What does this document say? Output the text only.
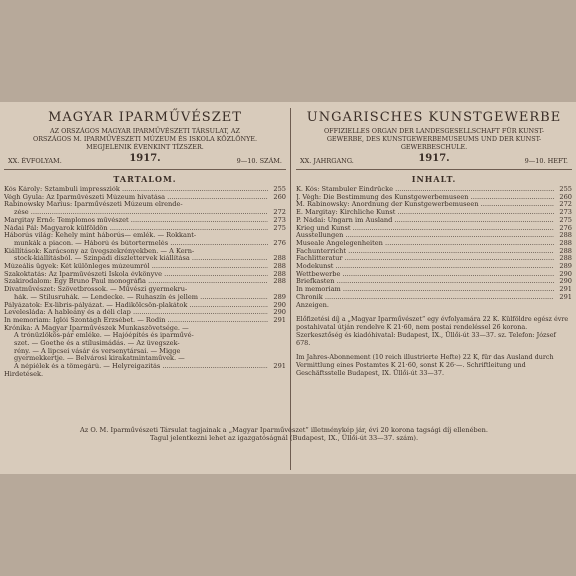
MAGYAR IPARMŰVÉSZET
AZ ORSZÁGOS MAGYAR IPARMŰVÉSZETI TÁRSULAT, AZ
ORSZÁGOS M. IPARMŰVÉSZETI MÚZEUM ÉS ISKOLA KÖZLÖNYE.
MEGJELENIK ÉVENKINT TÍZSZER.
XX. ÉVFOLYAM.	1917.	9—10. SZÁM.
TARTALOM.
Kós Károly: Sztambuli impressziók .....	255
Végh Gyula: Az Iparművészeti Múzeum hivatása .....	260
Rabinowsky Marius: Iparművészeti Múzeum elrende-
zése .....	272
Margitay Ernő: Templomos művészet .....	273
Nádai Pál: Magyarok külföldön .....	275
Háborús világ: Kehely mint háborús— emlék. — Rokkant-
munkák a piacon. — Háború és bútortermelés .....	276
Kiállítások: Karácsony az üvegszekrényekben. — A Kern-
stock-kiállításból. — Szinpadi díszlettervek kiállítása .....	288
Múzeális ügyek: Két különleges múzeumról .....	288
Szakoktatás: Az Iparművészeti Iskola évkönyve .....	288
Szakirodalom: Egy Bruno Paul monográfia .....	288
Divatművészet: Szövetbrossok. — Művészi gyermekru-
hák. — Stilusruhák. — Lendecke. — Ruhaszín és jellem .....	289
Pályázatok: Ex-libris-pályázat. — Hadikölcsön-plakátok .....	290
Levelesláda: A hableány és a déli clap .....	290
In memoriam: Iglói Szontágh Erzsébet. — Rodin .....	291
Krónika: A Magyar Iparművészek Munkaszövetsége. —
A trónüzlökös-pár emléke. — Hajóépítés és iparművé-
szet. — Goethe és a stílusimádás. — Az üvegszek-
rény. — A lipcsei vásár és versenytársai. — Migge
gyermekkertje. — Belvárosi kirakatmintaművek. —
A népiélek és a tömegárú. — Helyreigazitás .....	291
Hirdetések.
UNGARISCHES KUNSTGEWERBE
OFFIZIELLES ORGAN DER LANDESGESELLSCHAFT FÜR KUNST-
GEWERBE, DES KUNSTGEWERBEMUSEUMS UND DER KUNST-
GEWERBESCHULE.
XX. JAHRGANG.	1917.	9—10. HEFT.
INHALT.
K. Kós: Stambuler Eindrücke .....	255
J. Végh: Die Bestimmung des Kunstgewerbemuseen .....	260
M. Rabinowsky: Anordnung der Kunstgewerbemuseen .....	272
E. Margitay: Kirchliche Kunst .....	273
P. Nádai: Ungarn im Ausland .....	275
Krieg und Kunst .....	276
Ausstellungen .....	288
Museale Angelegenheiten .....	288
Fachunterricht .....	288
Fachlitteratur .....	288
Modekunst .....	289
Wettbewerbe .....	290
Briefkasten .....	290
In memoriam .....	291
Chronik .....	291
Anzeigen.

Előfizetési díj a „Magyar Iparművészet” egy évfolyamára 22 K. Külföldre egész évre postahivatal útján rendelve K 21·60, nem postai rendeléssel 26 korona. Szerkesztőség és kiadóhivatal: Budapest, IX., Üllői-út 33—37. sz. Telefon: József 678.

Im Jahres-Abonnement (10 reich illustrierte Hefte) 22 K, für das Ausland durch Vermittlung eines Postamtes K 21·60, sonst K 26·—. Schriftleitung und Geschäftsstelle Budapest, IX. Üllői-út 33—37.

Az O. M. Iparművészeti Társulat tagjainak a „Magyar Iparművészet” illetménykép jár, évi 20 korona tagsági díj ellenében.
Tagul jelentkezni lehet az igazgatóságnál (Budapest, IX., Üllői-út 33—37. szám).
